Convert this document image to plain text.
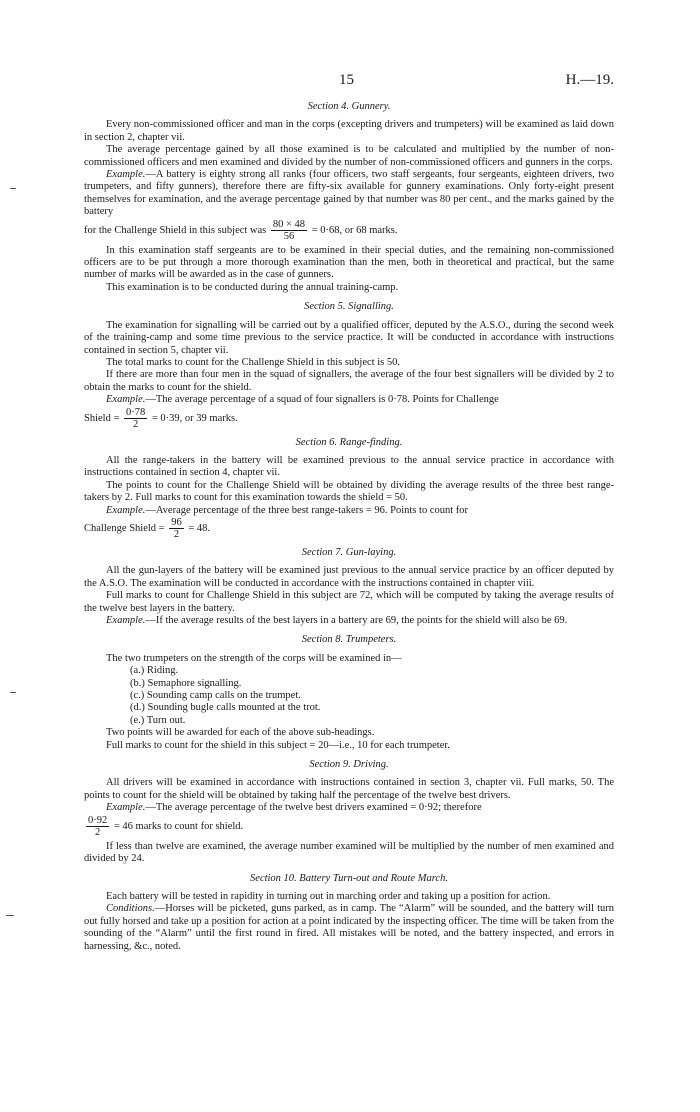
15	H.—19.
Section 4. Gunnery.

Every non-commissioned officer and man in the corps (excepting drivers and trumpeters) will be examined as laid down in section 2, chapter vii.

The average percentage gained by all those examined is to be calculated and multiplied by the number of non-commissioned officers and men examined and divided by the number of non-commissioned officers and gunners in the corps.

Example.—A battery is eighty strong all ranks (four officers, two staff sergeants, four sergeants, eighteen drivers, two trumpeters, and fifty gunners), therefore there are fifty-six available for gunnery examinations. Only forty-eight present themselves for examination, and the average percentage gained by that number was 80 per cent., and the marks gained by the battery

for the Challenge Shield in this subject was $\frac{80 \times 48}{56} = 0\cdot 68$, or 68 marks.

In this examination staff sergeants are to be examined in their special duties, and the remaining non-commissioned officers are to be put through a more thorough examination than the men, both in theoretical and practical, but the same number of marks will be awarded as in the case of gunners.

This examination is to be conducted during the annual training-camp.

Section 5. Signalling.

The examination for signalling will be carried out by a qualified officer, deputed by the A.S.O., during the second week of the training-camp and some time previous to the service practice. It will be conducted in accordance with instructions contained in section 5, chapter vii.

The total marks to count for the Challenge Shield in this subject is 50.

If there are more than four men in the squad of signallers, the average of the four best signallers will be divided by 2 to obtain the marks to count for the shield.

Example.—The average percentage of a squad of four signallers is 0·78. Points for Challenge

Shield = $\frac{0\cdot 78}{2} = 0\cdot 39$, or 39 marks.

Section 6. Range-finding.

All the range-takers in the battery will be examined previous to the annual service practice in accordance with instructions contained in section 4, chapter vii.

The points to count for the Challenge Shield will be obtained by dividing the average results of the three best range-takers by 2. Full marks to count for this examination towards the shield = 50.

Example.—Average percentage of the three best range-takers = 96. Points to count for

Challenge Shield = $\frac{96}{2} = 48$.

Section 7. Gun-laying.

All the gun-layers of the battery will be examined just previous to the annual service practice by an officer deputed by the A.S.O. The examination will be conducted in accordance with the instructions contained in chapter viii.

Full marks to count for Challenge Shield in this subject are 72, which will be computed by taking the average results of the twelve best layers in the battery.

Example.—If the average results of the best layers in a battery are 69, the points for the shield will also be 69.

Section 8. Trumpeters.

The two trumpeters on the strength of the corps will be examined in—

(a.) Riding.
(b.) Semaphore signalling.
(c.) Sounding camp calls on the trumpet.
(d.) Sounding bugle calls mounted at the trot.
(e.) Turn out.

Two points will be awarded for each of the above sub-headings.

Full marks to count for the shield in this subject = 20—i.e., 10 for each trumpeter.

Section 9. Driving.

All drivers will be examined in accordance with instructions contained in section 3, chapter vii. Full marks, 50. The points to count for the shield will be obtained by taking half the percentage of the twelve best drivers.

Example.—The average percentage of the twelve best drivers examined = 0·92; therefore

$\frac{0\cdot 92}{2} = 46$ marks to count for shield.

If less than twelve are examined, the average number examined will be multiplied by the number of men examined and divided by 24.

Section 10. Battery Turn-out and Route March.

Each battery will be tested in rapidity in turning out in marching order and taking up a position for action.

Conditions.—Horses will be picketed, guns parked, as in camp. The “Alarm” will be sounded, and the battery will turn out fully horsed and take up a position for action at a point indicated by the inspecting officer. The time will be taken from the sounding of the “Alarm” until the first round in fired. All mistakes will be noted, and the battery inspected, and errors in harnessing, &c., noted.
